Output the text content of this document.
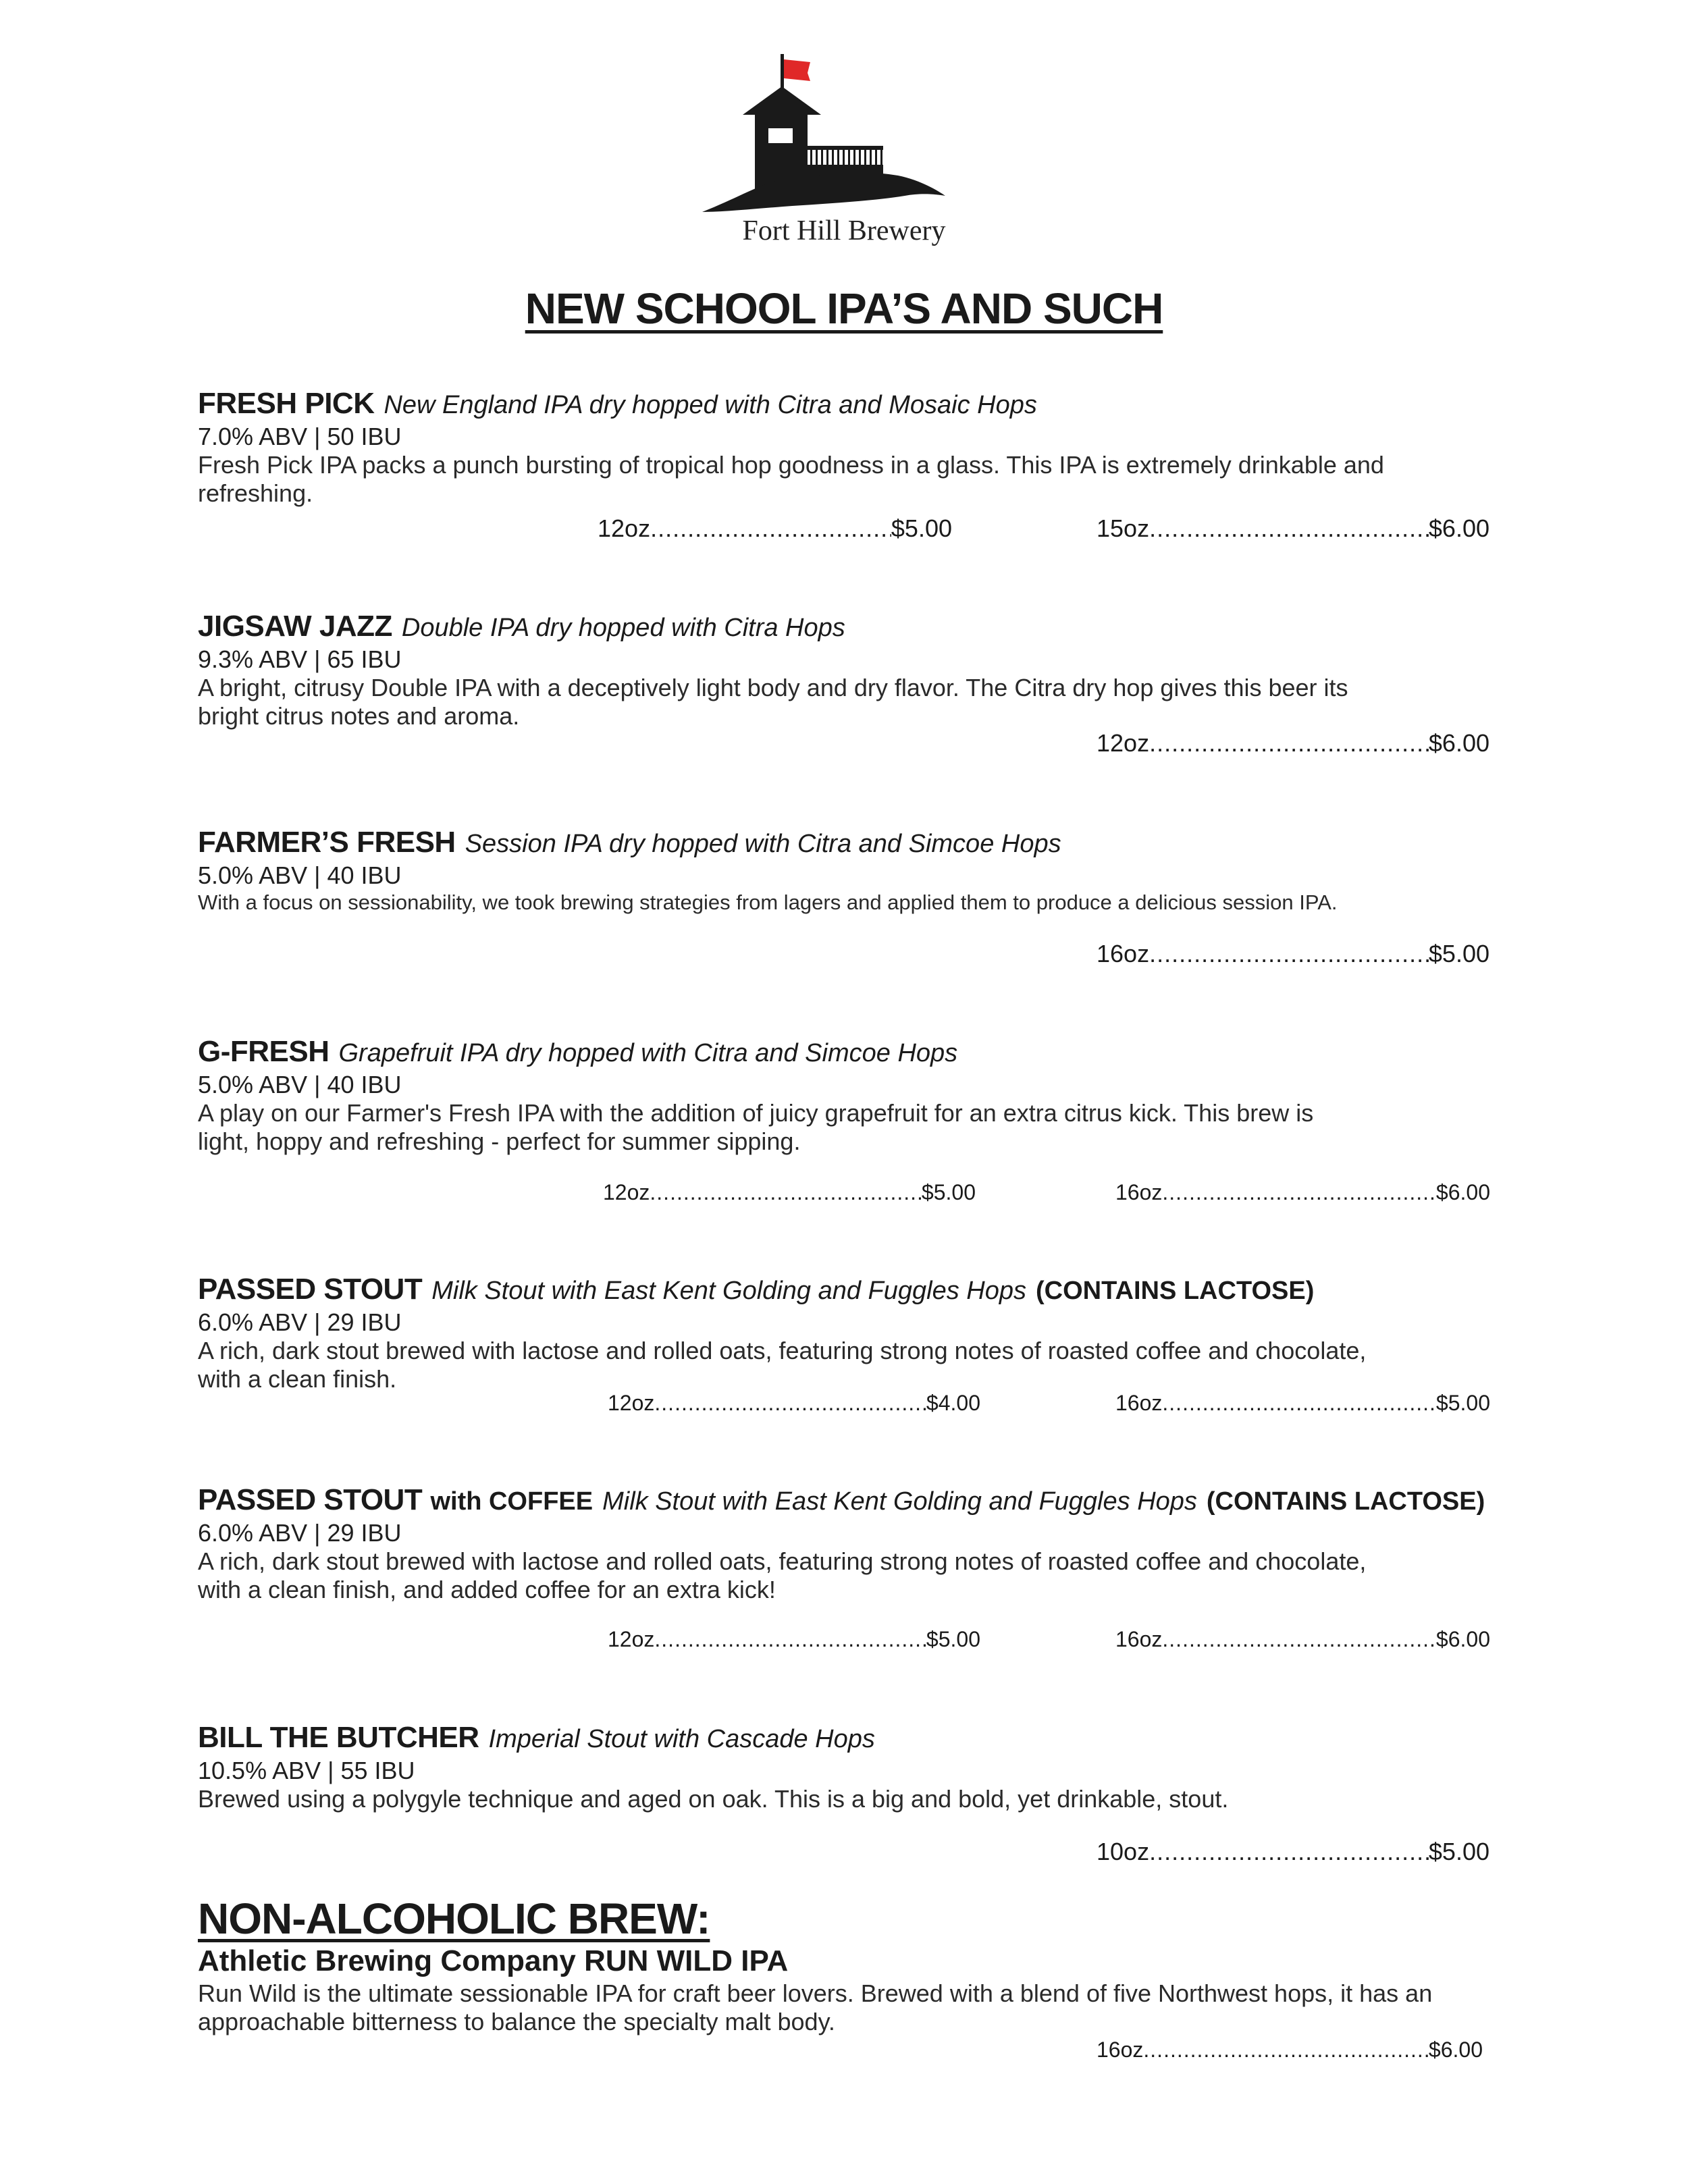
Fort Hill Brewery
NEW SCHOOL IPA’S AND SUCH
FRESH PICK New England IPA dry hopped with Citra and Mosaic Hops
7.0% ABV | 50 IBU
Fresh Pick IPA packs a punch bursting of tropical hop goodness in a glass. This IPA is extremely drinkable and refreshing.
12oz .....	$5.00	15oz .....	$6.00
JIGSAW JAZZ Double IPA dry hopped with Citra Hops
9.3% ABV | 65 IBU
A bright, citrusy Double IPA with a deceptively light body and dry flavor. The Citra dry hop gives this beer its bright citrus notes and aroma.
12oz .....	$6.00
FARMER’S FRESH Session IPA dry hopped with Citra and Simcoe Hops
5.0% ABV | 40 IBU
With a focus on sessionability, we took brewing strategies from lagers and applied them to produce a delicious session IPA.
16oz .....	$5.00
G-FRESH Grapefruit IPA dry hopped with Citra and Simcoe Hops
5.0% ABV | 40 IBU
A play on our Farmer's Fresh IPA with the addition of juicy grapefruit for an extra citrus kick. This brew is light, hoppy and refreshing - perfect for summer sipping.
12oz .....	$5.00	16oz .....	$6.00
PASSED STOUT Milk Stout with East Kent Golding and Fuggles Hops (CONTAINS LACTOSE)
6.0% ABV | 29 IBU
A rich, dark stout brewed with lactose and rolled oats, featuring strong notes of roasted coffee and chocolate, with a clean finish.
12oz .....	$4.00	16oz .....	$5.00
PASSED STOUT with COFFEE Milk Stout with East Kent Golding and Fuggles Hops (CONTAINS LACTOSE)
6.0% ABV | 29 IBU
A rich, dark stout brewed with lactose and rolled oats, featuring strong notes of roasted coffee and chocolate, with a clean finish, and added coffee for an extra kick!
12oz .....	$5.00	16oz .....	$6.00
BILL THE BUTCHER Imperial Stout with Cascade Hops
10.5% ABV | 55 IBU
Brewed using a polygyle technique and aged on oak. This is a big and bold, yet drinkable, stout.
10oz .....	$5.00
NON-ALCOHOLIC BREW:
Athletic Brewing Company RUN WILD IPA
Run Wild is the ultimate sessionable IPA for craft beer lovers. Brewed with a blend of five Northwest hops, it has an approachable bitterness to balance the specialty malt body.
16oz .....	$6.00
